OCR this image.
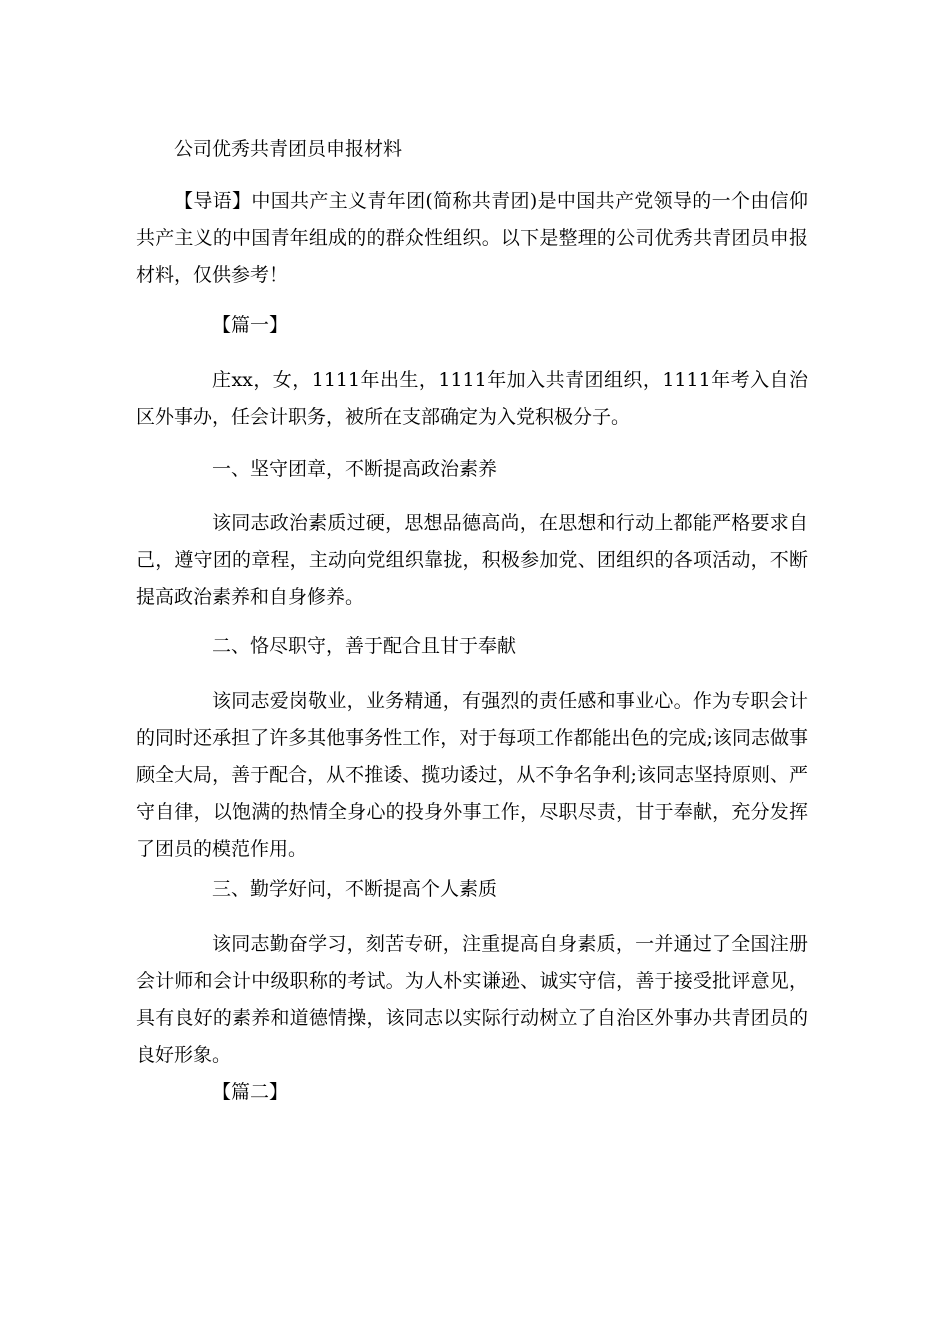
公司优秀共青团员申报材料
【导语】中国共产主义青年团(简称共青团)是中国共产党领导的一个由信仰共产主义的中国青年组成的的群众性组织。以下是整理的公司优秀共青团员申报材料，仅供参考！
【篇一】
庄xx，女，1111年出生，1111年加入共青团组织，1111年考入自治区外事办，任会计职务，被所在支部确定为入党积极分子。
一、坚守团章，不断提高政治素养
该同志政治素质过硬，思想品德高尚，在思想和行动上都能严格要求自己，遵守团的章程，主动向党组织靠拢，积极参加党、团组织的各项活动，不断提高政治素养和自身修养。
二、恪尽职守，善于配合且甘于奉献
该同志爱岗敬业，业务精通，有强烈的责任感和事业心。作为专职会计的同时还承担了许多其他事务性工作，对于每项工作都能出色的完成;该同志做事顾全大局，善于配合，从不推诿、揽功诿过，从不争名争利;该同志坚持原则、严守自律，以饱满的热情全身心的投身外事工作，尽职尽责，甘于奉献，充分发挥了团员的模范作用。
三、勤学好问，不断提高个人素质
该同志勤奋学习，刻苦专研，注重提高自身素质，一并通过了全国注册会计师和会计中级职称的考试。为人朴实谦逊、诚实守信，善于接受批评意见，具有良好的素养和道德情操，该同志以实际行动树立了自治区外事办共青团员的良好形象。
【篇二】
